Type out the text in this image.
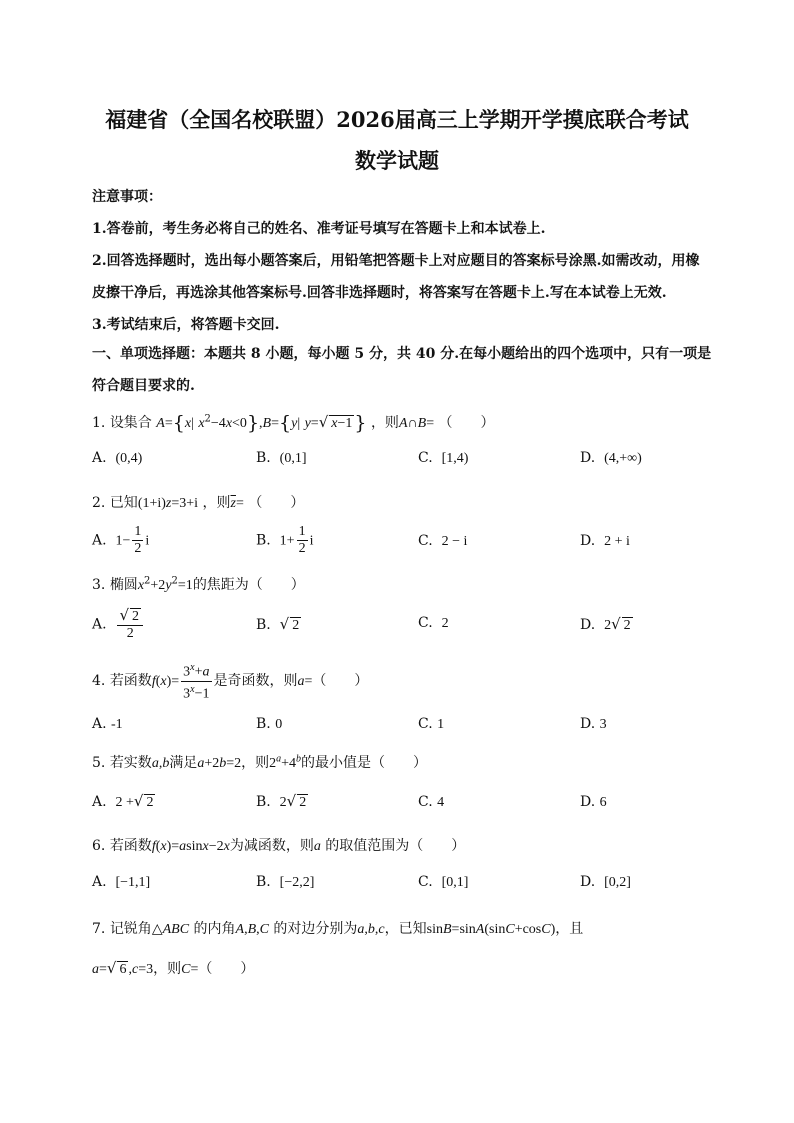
福建省（全国名校联盟）2026届高三上学期开学摸底联合考试
数学试题
注意事项：
1.答卷前，考生务必将自己的姓名、准考证号填写在答题卡上和本试卷上.
2.回答选择题时，选出每小题答案后，用铅笔把答题卡上对应题目的答案标号涂黑.如需改动，用橡
皮擦干净后，再选涂其他答案标号.回答非选择题时，将答案写在答题卡上.写在本试卷上无效.
3.考试结束后，将答题卡交回.
一、单项选择题：本题共 8 小题，每小题 5 分，共 40 分.在每小题给出的四个选项中，只有一项是
符合题目要求的.
1. 设集合 A={x| $x^2-4x<0\},B=\{y|$ y=√ x−1 } ，则A∩B= （　　）
A. (0,4)	B. (0,1]	C. [1,4)	D. (4,+∞)
2. 已知(1+i)z=3+i ，则$\overline{z}=$ （　　）
A. $1- \frac{1}{2}$ i	B. $1+ \frac{1}{2}$ i	C. 2 − i	D. 2 + i
3. 椭圆$x^2+2y^2=1$的焦距为（　　）
A. $\frac{√ 2}{2}$	B. √ 2	C. 2	D. 2√ 2
4. 若函数$f(x)= \frac{3^x+a}{3^x-1}$ 是奇函数，则a=（　　）
A. -1	B. 0	C. 1	D. 3
5. 若实数a,b满足a+2b=2，则$2^a+4^b$的最小值是（　　）
A. 2 +√ 2	B. 2√ 2	C. 4	D. 6
6. 若函数f(x)=asinx−2x为减函数，则a 的取值范围为（　　）
A. [−1,1]	B. [−2,2]	C. [0,1]	D. [0,2]
7. 记锐角△ABC 的内角A,B,C 的对边分别为a,b,c，已知sinB=sinA(sinC+cosC)，且
a=√ 6 ,c=3，则C=（　　）
